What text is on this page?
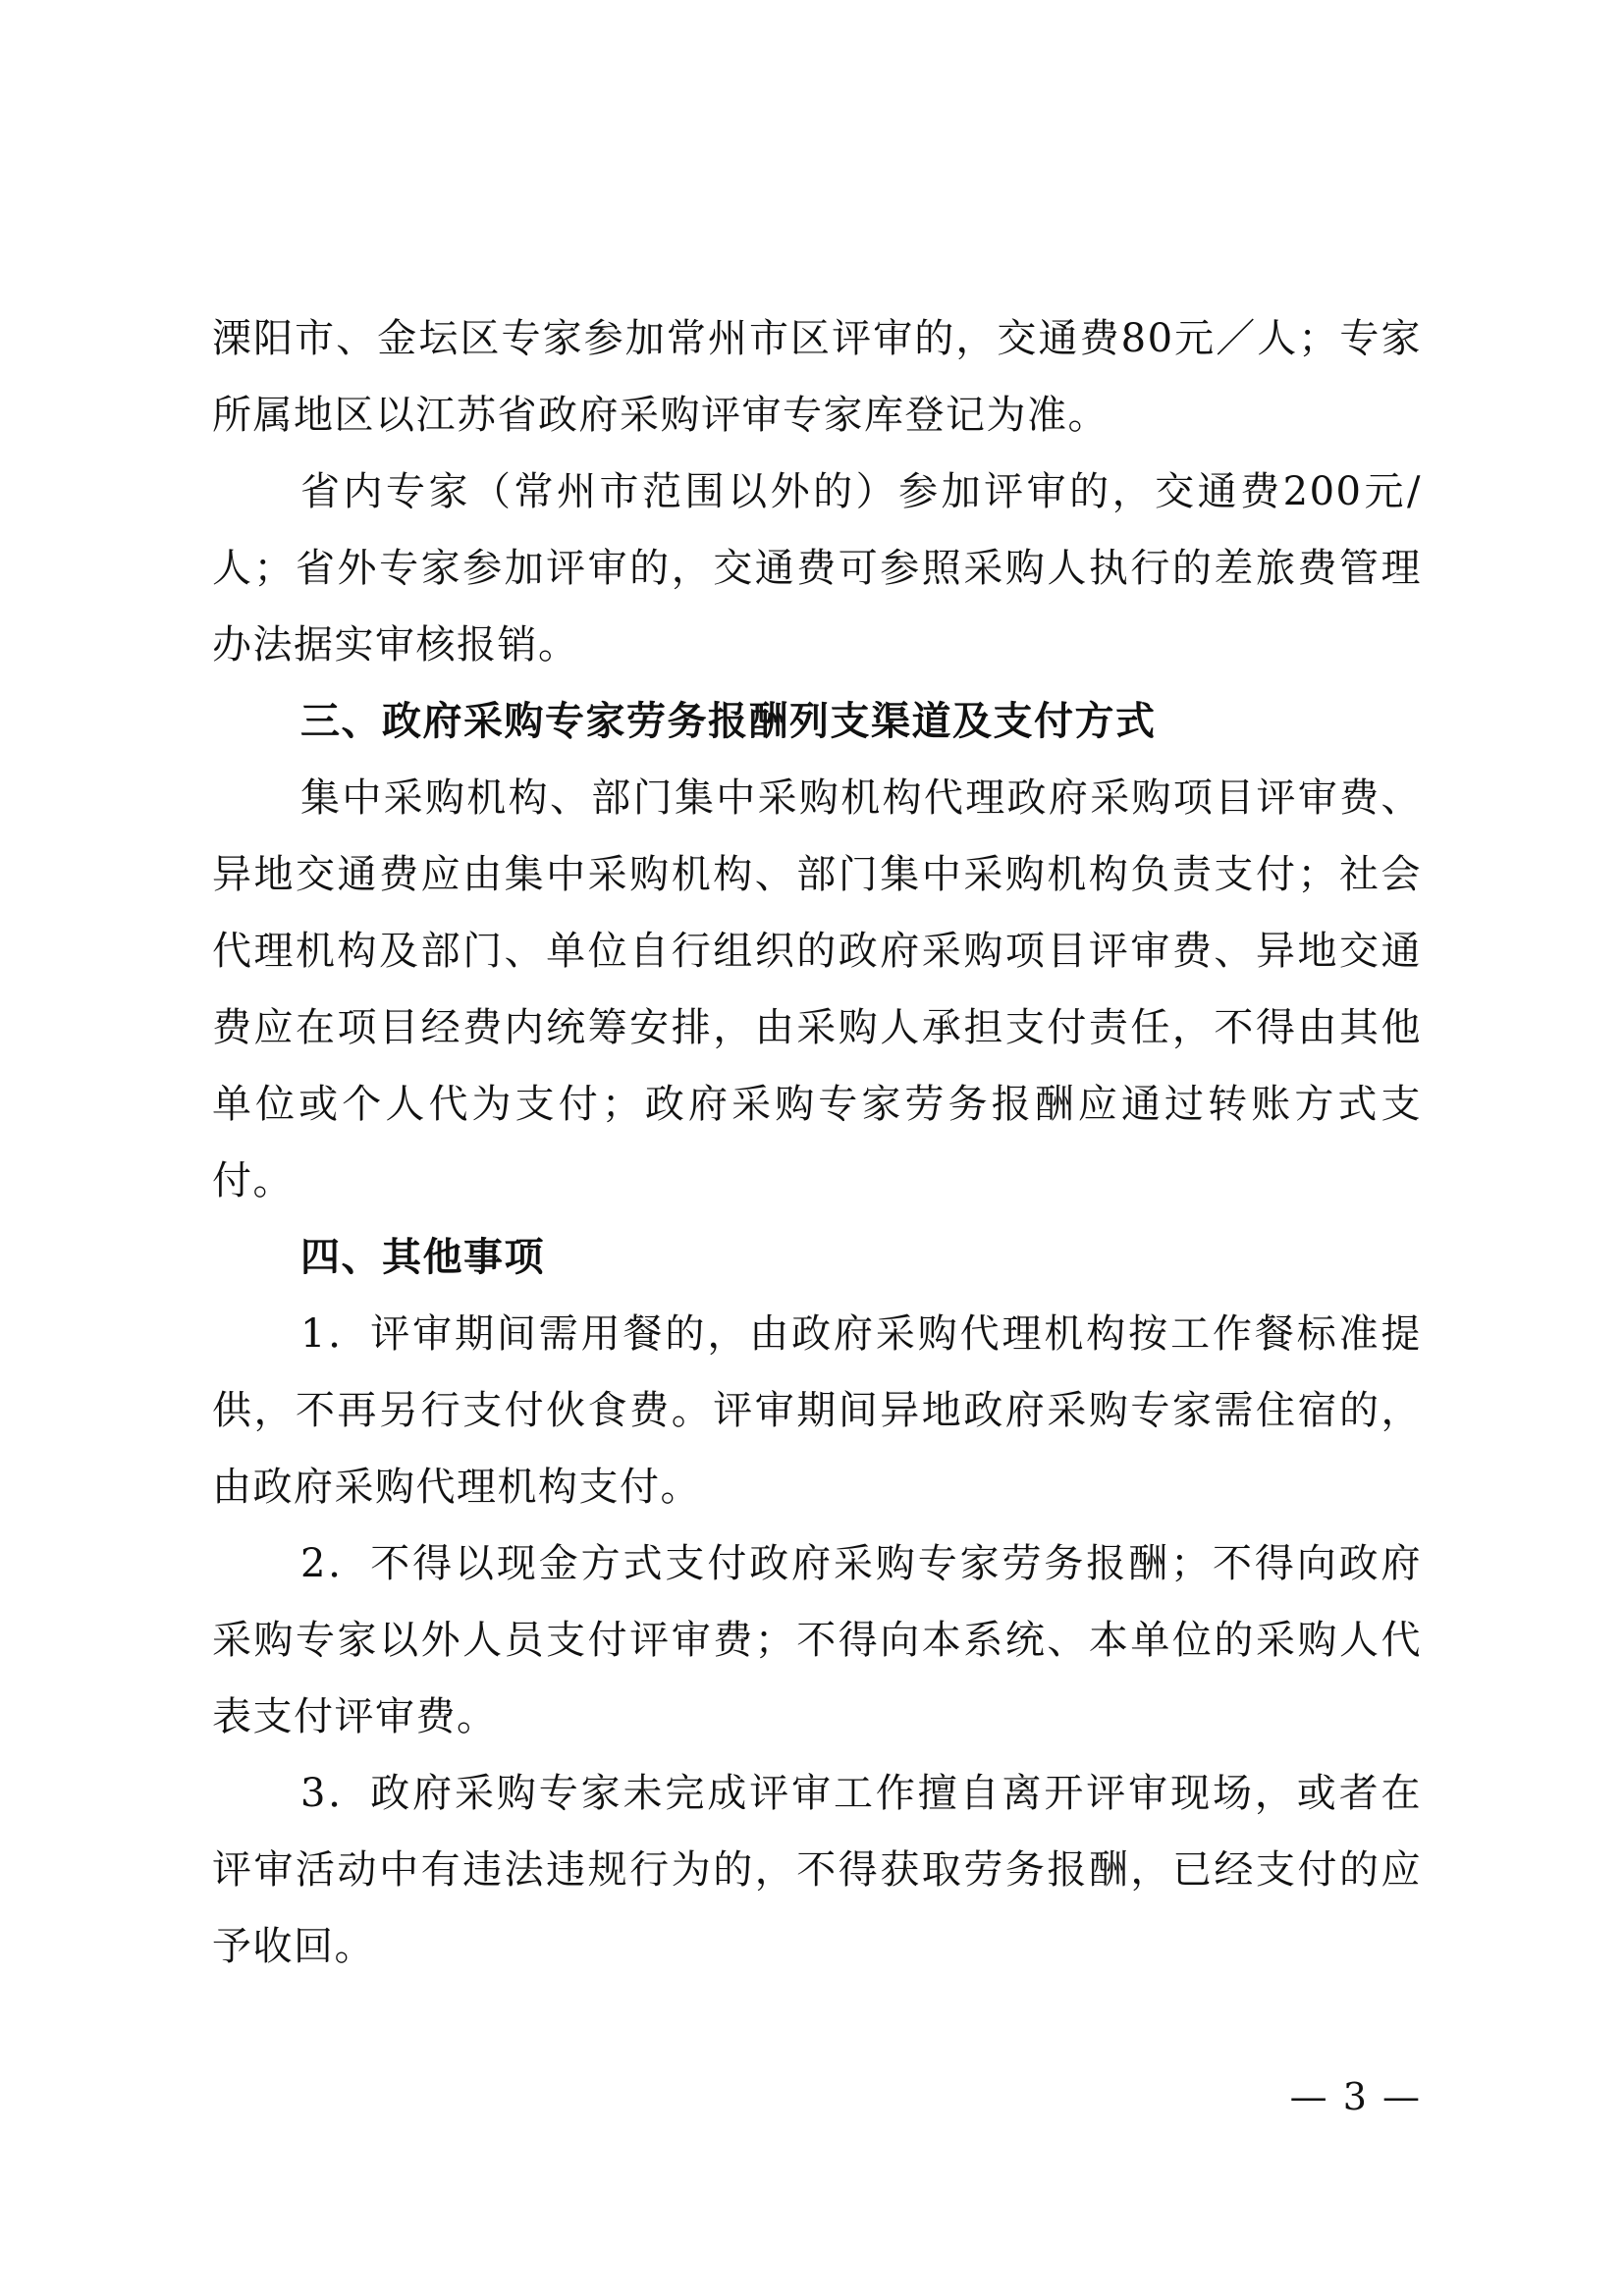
溧阳市、金坛区专家参加常州市区评审的，交通费80元／人；专家所属地区以江苏省政府采购评审专家库登记为准。

省内专家（常州市范围以外的）参加评审的，交通费200元/人；省外专家参加评审的，交通费可参照采购人执行的差旅费管理办法据实审核报销。

三、政府采购专家劳务报酬列支渠道及支付方式

集中采购机构、部门集中采购机构代理政府采购项目评审费、异地交通费应由集中采购机构、部门集中采购机构负责支付；社会代理机构及部门、单位自行组织的政府采购项目评审费、异地交通费应在项目经费内统筹安排，由采购人承担支付责任，不得由其他单位或个人代为支付；政府采购专家劳务报酬应通过转账方式支付。

四、其他事项

1．评审期间需用餐的，由政府采购代理机构按工作餐标准提供，不再另行支付伙食费。评审期间异地政府采购专家需住宿的，由政府采购代理机构支付。

2．不得以现金方式支付政府采购专家劳务报酬；不得向政府采购专家以外人员支付评审费；不得向本系统、本单位的采购人代表支付评审费。

3．政府采购专家未完成评审工作擅自离开评审现场，或者在评审活动中有违法违规行为的，不得获取劳务报酬，已经支付的应予收回。

— 3 —
